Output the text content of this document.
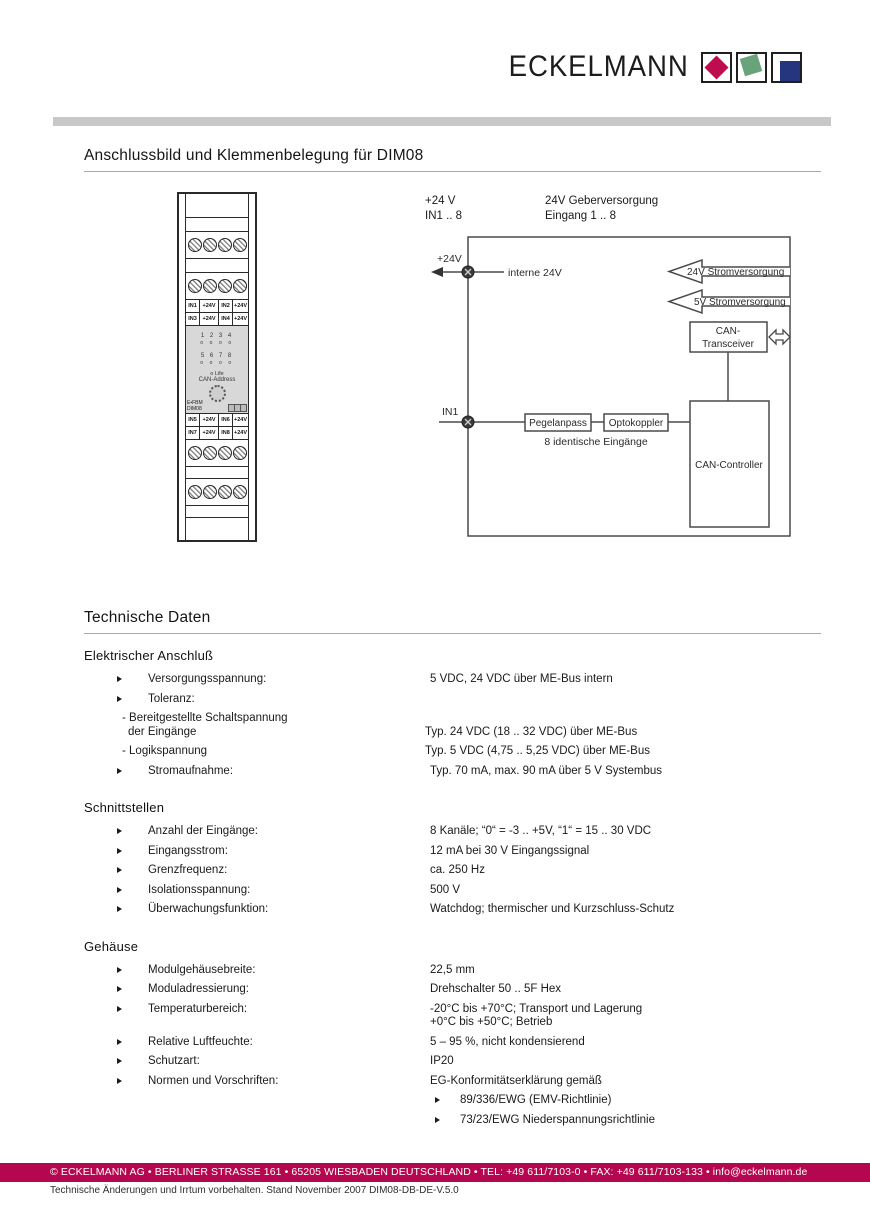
ECKELMANN
Anschlussbild und Klemmenbelegung für DIM08
IN1	+24V	IN2 +24V
IN3	+24V	IN4 +24V
1 2 3 4
o o o o
5 6 7 8
o o o o
o Life
CAN-Address
E•FBM
DIM08
IN5	+24V	IN6 +24V
IN7	+24V	IN8 +24V
+24 V	24V Geberversorgung
IN1 .. 8	Eingang 1 .. 8
+24V
interne 24V	24V Stromversorgung
5V Stromversorgung
CAN-
Transceiver
IN1
Pegelanpass Optokoppler
8 identische Eingänge
CAN-Controller
Technische Daten
Elektrischer Anschluß
Versorgungsspannung:	5 VDC, 24 VDC über ME-Bus intern
Toleranz:
- Bereitgestellte Schaltspannung
der Eingänge	Typ. 24 VDC (18 .. 32 VDC) über ME-Bus
- Logikspannung	Typ. 5 VDC (4,75 .. 5,25 VDC) über ME-Bus
Stromaufnahme:	Typ. 70 mA, max. 90 mA über 5 V Systembus
Schnittstellen
Anzahl der Eingänge:	8 Kanäle; “0“ = -3 .. +5V, “1“ = 15 .. 30 VDC
Eingangsstrom:	12 mA bei 30 V Eingangssignal
Grenzfrequenz:	ca. 250 Hz
Isolationsspannung:	500 V
Überwachungsfunktion:	Watchdog; thermischer und Kurzschluss-Schutz
Gehäuse
Modulgehäusebreite:	22,5 mm
Moduladressierung:	Drehschalter 50 .. 5F Hex
Temperaturbereich:	-20°C bis +70°C; Transport und Lagerung
+0°C bis +50°C; Betrieb
Relative Luftfeuchte:	5 – 95 %, nicht kondensierend
Schutzart:	IP20
Normen und Vorschriften:	EG-Konformitätserklärung gemäß
89/336/EWG (EMV-Richtlinie)
73/23/EWG Niederspannungsrichtlinie
© ECKELMANN AG • BERLINER STRASSE 161 • 65205 WIESBADEN DEUTSCHLAND • TEL: +49 611/7103-0 • FAX: +49 611/7103-133 • info@eckelmann.de
Technische Änderungen und Irrtum vorbehalten. Stand November 2007 DIM08-DB-DE-V.5.0
